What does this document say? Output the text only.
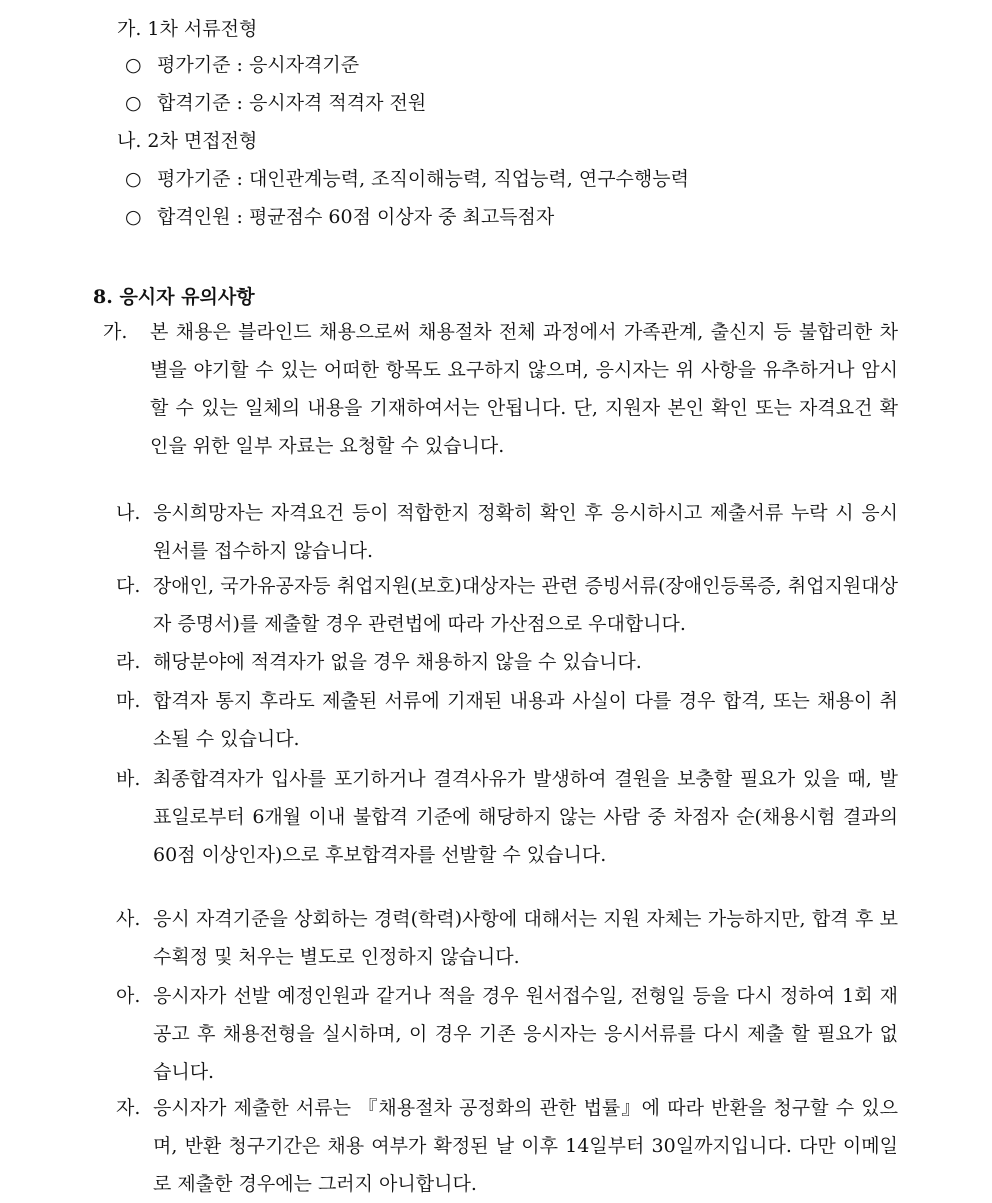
가. 1차 서류전형
○ 평가기준 : 응시자격기준
○ 합격기준 : 응시자격 적격자 전원
나. 2차 면접전형
○ 평가기준 : 대인관계능력, 조직이해능력, 직업능력, 연구수행능력
○ 합격인원 : 평균점수 60점 이상자 중 최고득점자
8. 응시자 유의사항
가.	본 채용은 블라인드 채용으로써 채용절차 전체 과정에서 가족관계, 출신지 등 불합리한 차별을 야기할 수 있는 어떠한 항목도 요구하지 않으며, 응시자는 위 사항을 유추하거나 암시할 수 있는 일체의 내용을 기재하여서는 안됩니다. 단, 지원자 본인 확인 또는 자격요건 확인을 위한 일부 자료는 요청할 수 있습니다.
나. 응시희망자는 자격요건 등이 적합한지 정확히 확인 후 응시하시고 제출서류 누락 시 응시원서를 접수하지 않습니다.
다. 장애인, 국가유공자등 취업지원(보호)대상자는 관련 증빙서류(장애인등록증, 취업지원대상자 증명서)를 제출할 경우 관련법에 따라 가산점으로 우대합니다.
라. 해당분야에 적격자가 없을 경우 채용하지 않을 수 있습니다.
마. 합격자 통지 후라도 제출된 서류에 기재된 내용과 사실이 다를 경우 합격, 또는 채용이 취소될 수 있습니다.
바. 최종합격자가 입사를 포기하거나 결격사유가 발생하여 결원을 보충할 필요가 있을 때, 발표일로부터 6개월 이내 불합격 기준에 해당하지 않는 사람 중 차점자 순(채용시험 결과의 60점 이상인자)으로 후보합격자를 선발할 수 있습니다.
사. 응시 자격기준을 상회하는 경력(학력)사항에 대해서는 지원 자체는 가능하지만, 합격 후 보수획정 및 처우는 별도로 인정하지 않습니다.
아. 응시자가 선발 예정인원과 같거나 적을 경우 원서접수일, 전형일 등을 다시 정하여 1회 재공고 후 채용전형을 실시하며, 이 경우 기존 응시자는 응시서류를 다시 제출 할 필요가 없습니다.
자. 응시자가 제출한 서류는 『채용절차 공정화의 관한 법률』에 따라 반환을 청구할 수 있으며, 반환 청구기간은 채용 여부가 확정된 날 이후 14일부터 30일까지입니다. 다만 이메일로 제출한 경우에는 그러지 아니합니다.
